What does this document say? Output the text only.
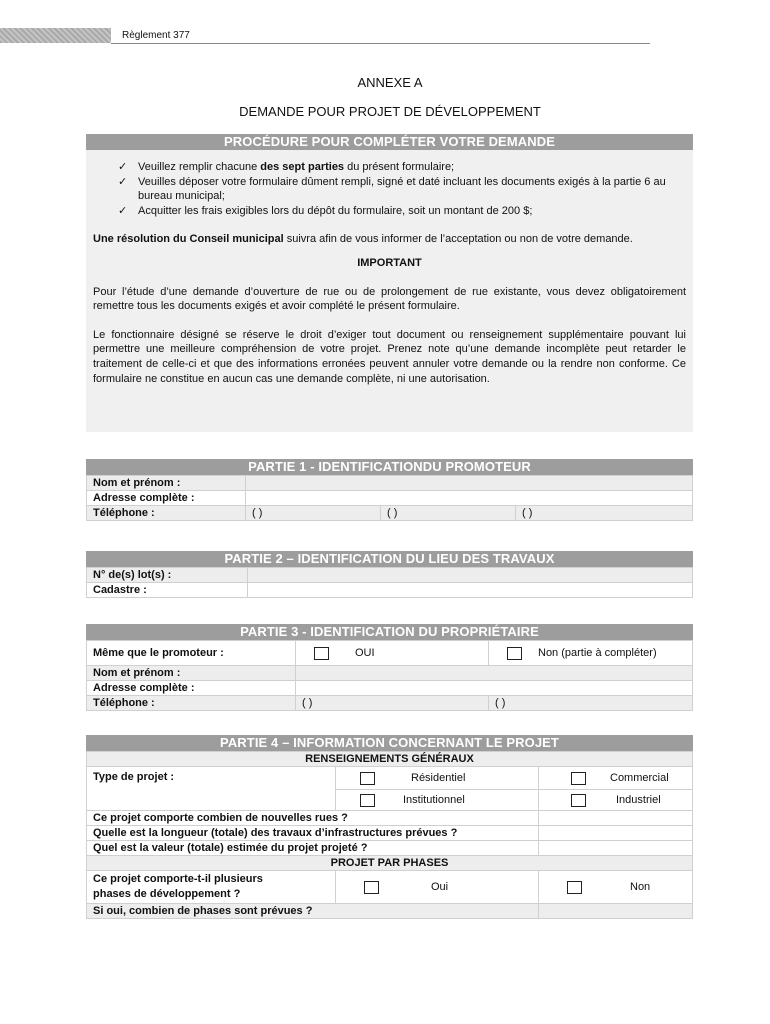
Règlement 377
ANNEXE A
DEMANDE POUR PROJET DE DÉVELOPPEMENT
PROCÉDURE POUR COMPLÉTER VOTRE DEMANDE
✓ Veuillez remplir chacune des sept parties du présent formulaire;
✓ Veuilles déposer votre formulaire dûment rempli, signé et daté incluant les documents exigés à la partie 6 au bureau municipal;
✓ Acquitter les frais exigibles lors du dépôt du formulaire, soit un montant de 200 $;

Une résolution du Conseil municipal suivra afin de vous informer de l’acceptation ou non de votre demande.

IMPORTANT

Pour l’étude d’une demande d’ouverture de rue ou de prolongement de rue existante, vous devez obligatoirement remettre tous les documents exigés et avoir complété le présent formulaire.

Le fonctionnaire désigné se réserve le droit d’exiger tout document ou renseignement supplémentaire pouvant lui permettre une meilleure compréhension de votre projet. Prenez note qu’une demande incomplète peut retarder le traitement de celle-ci et que des informations erronées peuvent annuler votre demande ou la rendre non conforme. Ce formulaire ne constitue en aucun cas une demande complète, ni une autorisation.

PARTIE 1 - IDENTIFICATIONDU PROMOTEUR
Nom et prénom :			
Adresse complète :			
Téléphone :	( )	( )	( )
PARTIE 2 – IDENTIFICATION DU LIEU DES TRAVAUX
N° de(s) lot(s) :	
Cadastre :	
PARTIE 3 - IDENTIFICATION DU PROPRIÉTAIRE
Même que le promoteur :	OUI	Non (partie à compléter)
Nom et prénom :		
Adresse complète :		
Téléphone :	( )	( )
PARTIE 4 – INFORMATION CONCERNANT LE PROJET
RENSEIGNEMENTS GÉNÉRAUX		
Type de projet :	Résidentiel	Commercial
	Institutionnel	Industriel
Ce projet comporte combien de nouvelles rues ?		
Quelle est la longueur (totale) des travaux d’infrastructures prévues ?		
Quel est la valeur (totale) estimée du projet projeté ?		
PROJET PAR PHASES		
Ce projet comporte-t-il plusieurs
phases de développement ?	Oui	Non
Si oui, combien de phases sont prévues ?		
